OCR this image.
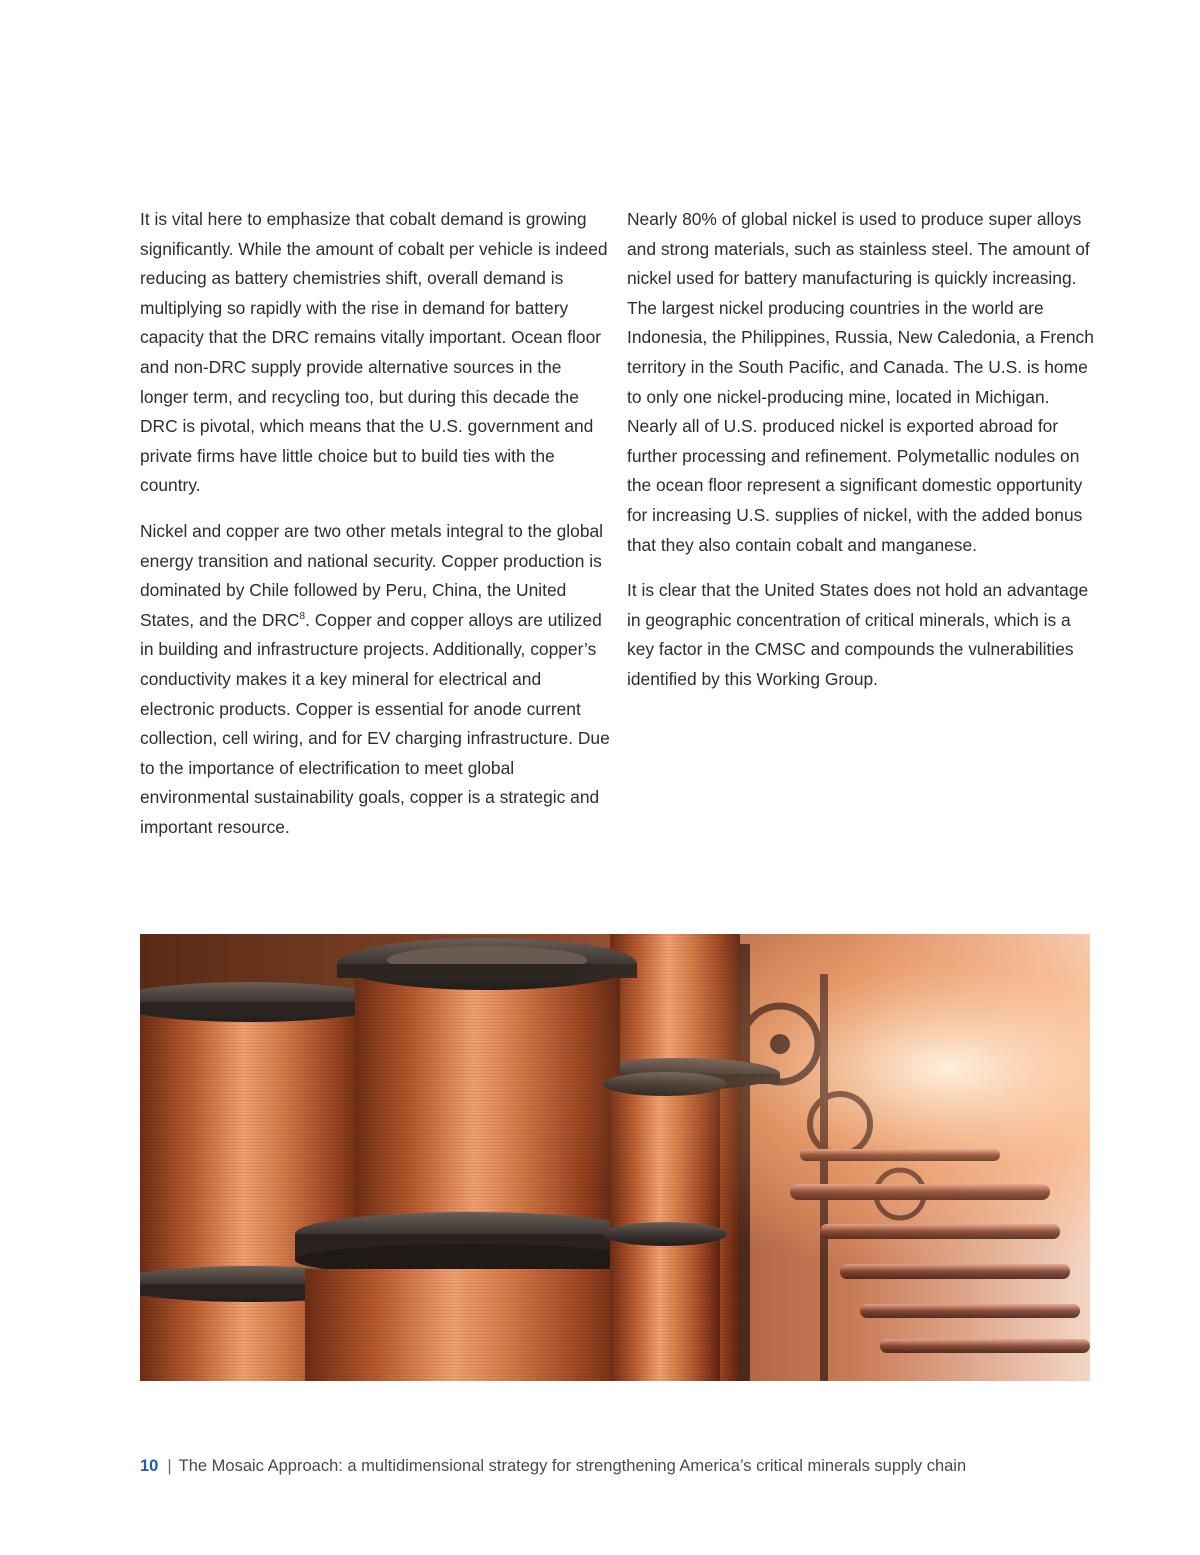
It is vital here to emphasize that cobalt demand is growing significantly. While the amount of cobalt per vehicle is indeed reducing as battery chemistries shift, overall demand is multiplying so rapidly with the rise in demand for battery capacity that the DRC remains vitally important. Ocean floor and non-DRC supply provide alternative sources in the longer term, and recycling too, but during this decade the DRC is pivotal, which means that the U.S. government and private firms have little choice but to build ties with the country.

Nickel and copper are two other metals integral to the global energy transition and national security. Copper production is dominated by Chile followed by Peru, China, the United States, and the DRC$^8$. Copper and copper alloys are utilized in building and infrastructure projects. Additionally, copper’s conductivity makes it a key mineral for electrical and electronic products. Copper is essential for anode current collection, cell wiring, and for EV charging infrastructure. Due to the importance of electrification to meet global environmental sustainability goals, copper is a strategic and important resource.

Nearly 80% of global nickel is used to produce super alloys and strong materials, such as stainless steel. The amount of nickel used for battery manufacturing is quickly increasing. The largest nickel producing countries in the world are Indonesia, the Philippines, Russia, New Caledonia, a French territory in the South Pacific, and Canada. The U.S. is home to only one nickel-producing mine, located in Michigan. Nearly all of U.S. produced nickel is exported abroad for further processing and refinement. Polymetallic nodules on the ocean floor represent a significant domestic opportunity for increasing U.S. supplies of nickel, with the added bonus that they also contain cobalt and manganese.

It is clear that the United States does not hold an advantage in geographic concentration of critical minerals, which is a key factor in the CMSC and compounds the vulnerabilities identified by this Working Group.

10 | The Mosaic Approach: a multidimensional strategy for strengthening America’s critical minerals supply chain
